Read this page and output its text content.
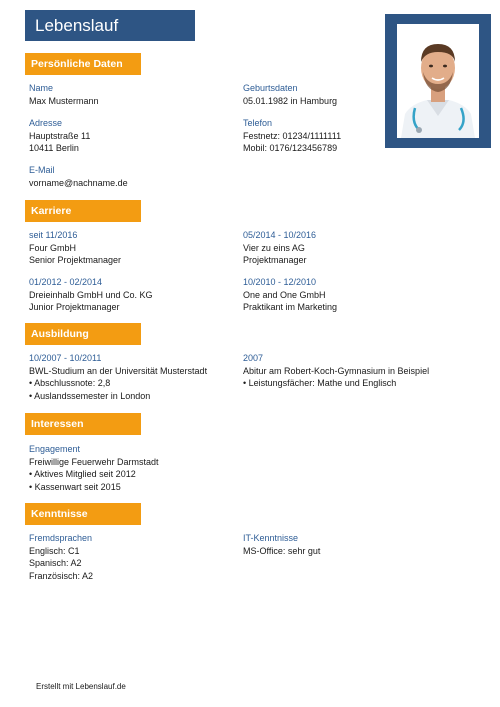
Lebenslauf
Persönliche Daten
Name
Max Mustermann
Geburtsdaten
05.01.1982 in Hamburg
Adresse
Hauptstraße 11
10411 Berlin
Telefon
Festnetz: 01234/1111111
Mobil: 0176/123456789
E-Mail
vorname@nachname.de
Karriere
seit 11/2016
Four GmbH
Senior Projektmanager
05/2014 - 10/2016
Vier zu eins AG
Projektmanager
01/2012 - 02/2014
Dreieinhalb GmbH und Co. KG
Junior Projektmanager
10/2010 - 12/2010
One and One GmbH
Praktikant im Marketing
Ausbildung
10/2007 - 10/2011
BWL-Studium an der Universität Musterstadt
• Abschlussnote: 2,8
• Auslandssemester in London
2007
Abitur am Robert-Koch-Gymnasium in Beispiel
• Leistungsfächer: Mathe und Englisch
Interessen
Engagement
Freiwillige Feuerwehr Darmstadt
• Aktives Mitglied seit 2012
• Kassenwart seit 2015
Kenntnisse
Fremdsprachen
Englisch: C1
Spanisch: A2
Französisch: A2
IT-Kenntnisse
MS-Office: sehr gut
Erstellt mit Lebenslauf.de
